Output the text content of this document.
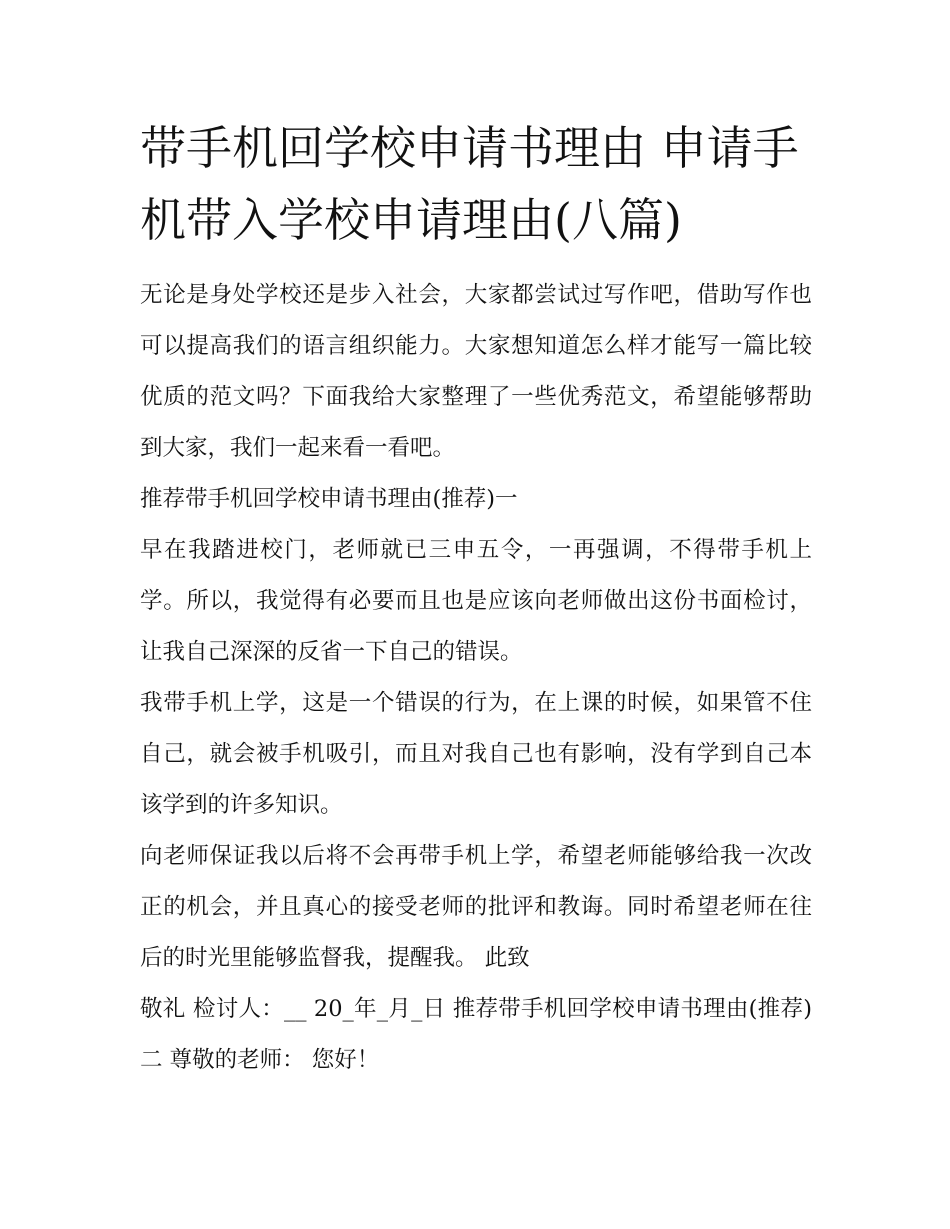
带手机回学校申请书理由 申请手机带入学校申请理由(八篇)

无论是身处学校还是步入社会，大家都尝试过写作吧，借助写作也可以提高我们的语言组织能力。大家想知道怎么样才能写一篇比较优质的范文吗？下面我给大家整理了一些优秀范文，希望能够帮助到大家，我们一起来看一看吧。

推荐带手机回学校申请书理由(推荐)一

早在我踏进校门，老师就已三申五令，一再强调，不得带手机上学。所以，我觉得有必要而且也是应该向老师做出这份书面检讨，让我自己深深的反省一下自己的错误。

我带手机上学，这是一个错误的行为，在上课的时候，如果管不住自己，就会被手机吸引，而且对我自己也有影响，没有学到自己本该学到的许多知识。

向老师保证我以后将不会再带手机上学，希望老师能够给我一次改正的机会，并且真心的接受老师的批评和教诲。同时希望老师在往后的时光里能够监督我，提醒我。 此致

敬礼 检讨人：__ 20_年_月_日 推荐带手机回学校申请书理由(推荐)二 尊敬的老师： 您好！
